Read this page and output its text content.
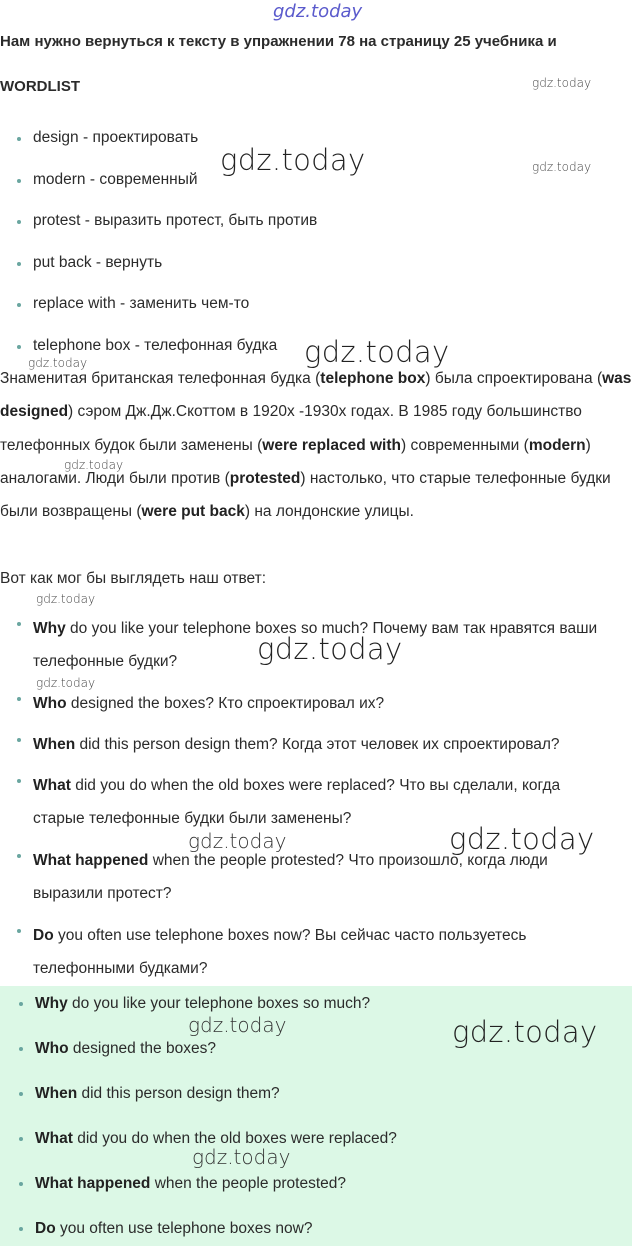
gdz.today
gdz.today
gdz.today
gdz.today
gdz.today
gdz.today
gdz.today
Нам нужно вернуться к тексту в упражнении 78 на страницу 25 учебника и
WORDLIST
design - проектировать
modern - современный
protest - выразить протест, быть против
put back - вернуть
replace with - заменить чем-то
telephone box - телефонная будка
Знаменитая британская телефонная будка (telephone box) была спроектирована (was designed) сэром Дж.Дж.Скоттом в 1920х -1930х годах. В 1985 году большинство телефонных будок были заменены (were replaced with) современными (modern) аналогами. Люди были против (protested) настолько, что старые телефонные будки были возвращены (were put back) на лондонские улицы.
Вот как мог бы выглядеть наш ответ:
Why do you like your telephone boxes so much? Почему вам так нравятся ваши телефонные будки?
Who designed the boxes? Кто спроектировал их?
When did this person design them? Когда этот человек их спроектировал?
What did you do when the old boxes were replaced? Что вы сделали, когда старые телефонные будки были заменены?
What happened when the people protested? Что произошло, когда люди выразили протест?
Do you often use telephone boxes now? Вы сейчас часто пользуетесь телефонными будками?
Why do you like your telephone boxes so much?
Who designed the boxes?
When did this person design them?
What did you do when the old boxes were replaced?
What happened when the people protested?
Do you often use telephone boxes now?
gdz.today
gdz.today
gdz.today
gdz.today
gdz.today
gdz.today
gdz.today
gdz.today
